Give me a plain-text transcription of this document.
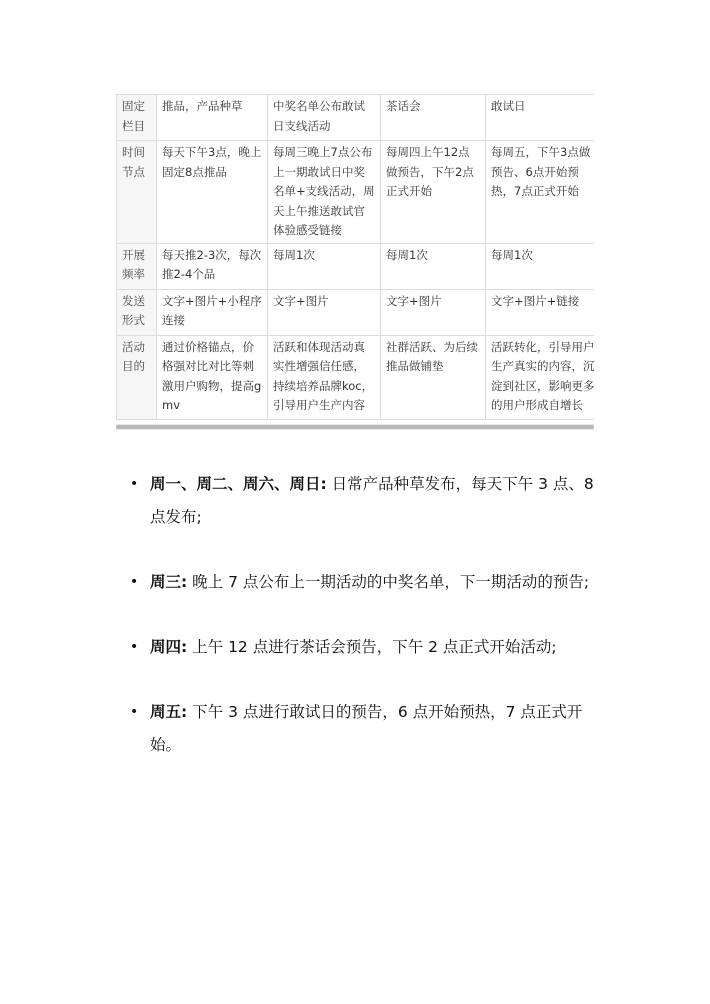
固定栏目	推品，产品种草	中奖名单公布敢试日支线活动	茶话会	敢试日
时间节点	每天下午3点，晚上固定8点推品	每周三晚上7点公布上一期敢试日中奖名单+支线活动，周天上午推送敢试官体验感受链接	每周四上午12点做预告，下午2点正式开始	每周五，下午3点做预告、6点开始预热，7点正式开始
开展频率	每天推2-3次，每次推2-4个品	每周1次	每周1次	每周1次
发送形式	文字+图片+小程序连接	文字+图片	文字+图片	文字+图片+链接
活动目的	通过价格锚点，价格强对比对比等刺激用户购物，提高gmv	活跃和体现活动真实性增强信任感，持续培养品牌koc，引导用户生产内容	社群活跃、为后续推品做铺垫	活跃转化，引导用户生产真实的内容，沉淀到社区，影响更多的用户形成自增长
• 周一、周二、周六、周日: 日常产品种草发布，每天下午 3 点、8 点发布;
• 周三: 晚上 7 点公布上一期活动的中奖名单，下一期活动的预告;
• 周四: 上午 12 点进行茶话会预告，下午 2 点正式开始活动;
• 周五: 下午 3 点进行敢试日的预告，6 点开始预热，7 点正式开始。
